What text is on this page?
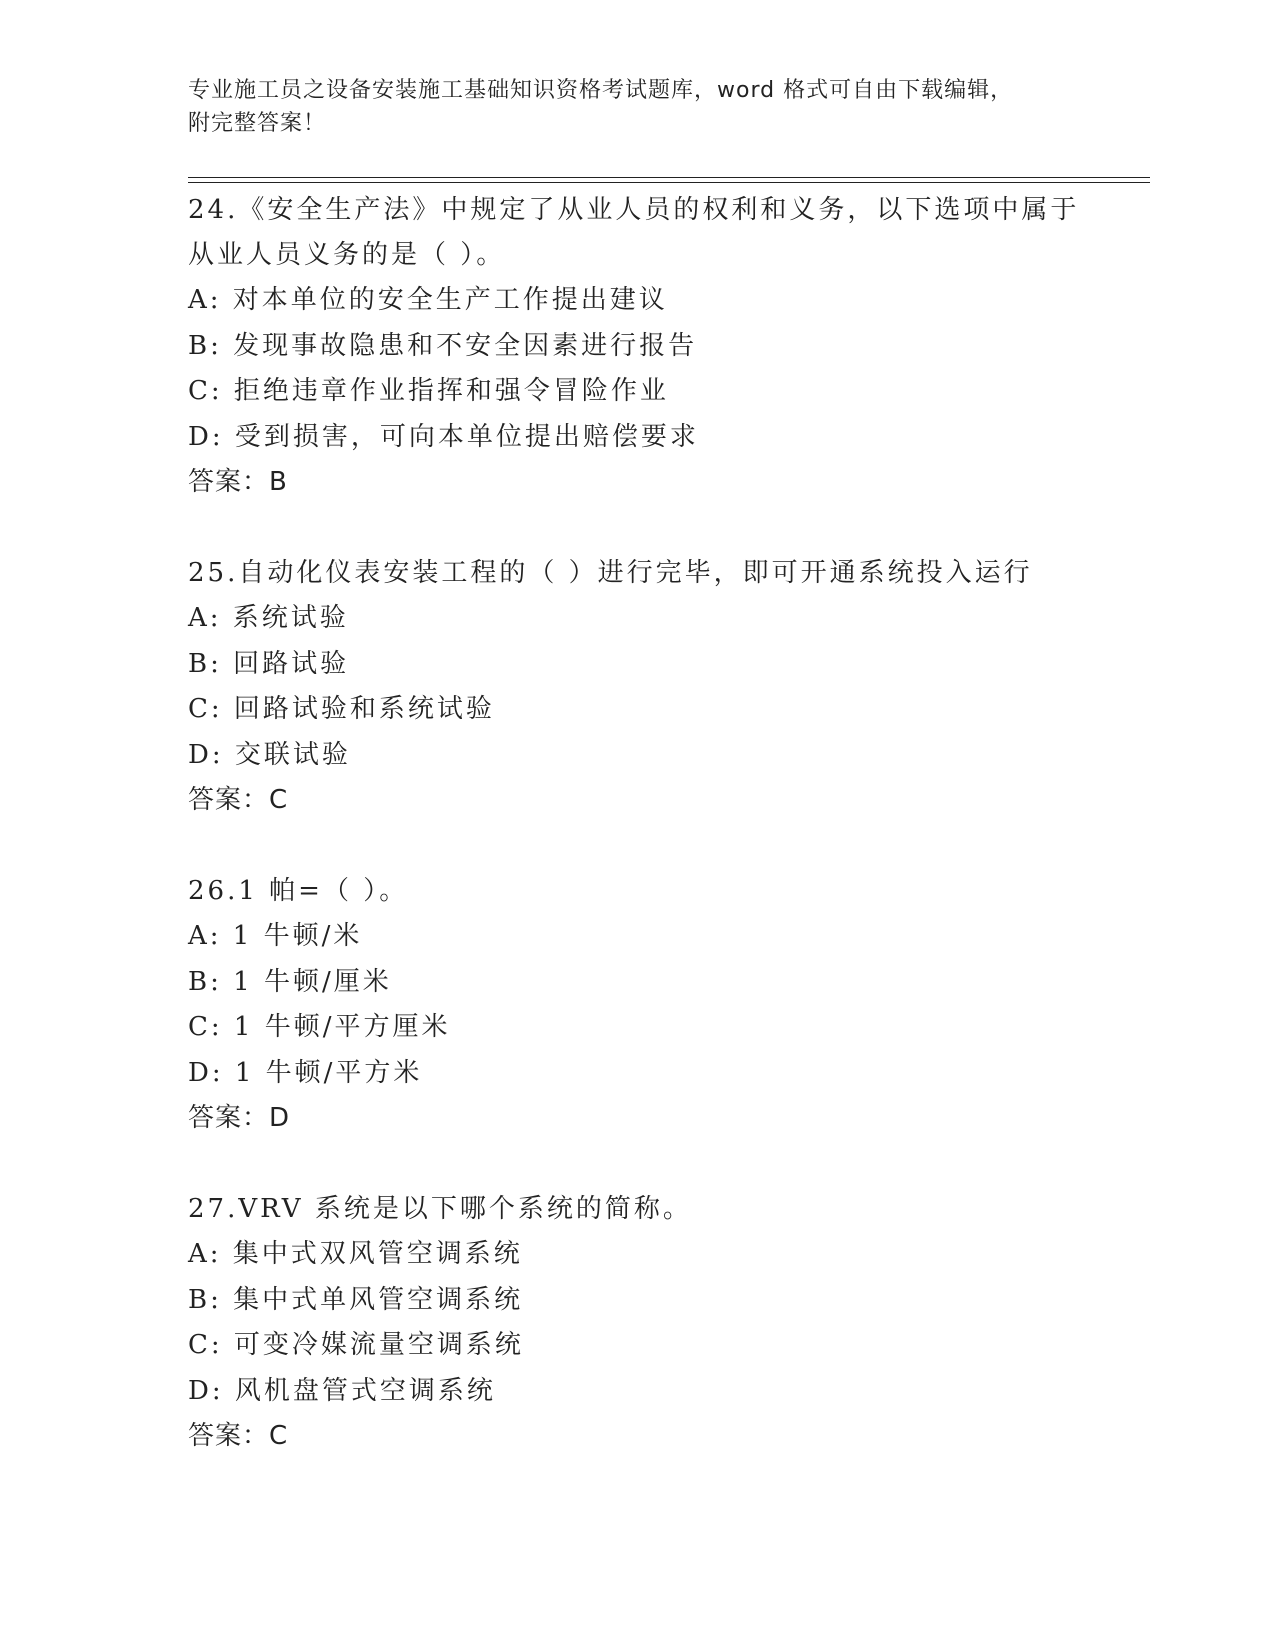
专业施工员之设备安装施工基础知识资格考试题库，word 格式可自由下载编辑，
附完整答案！

24.《安全生产法》中规定了从业人员的权利和义务，以下选项中属于

从业人员义务的是（ ）。

A: 对本单位的安全生产工作提出建议

B: 发现事故隐患和不安全因素进行报告

C: 拒绝违章作业指挥和强令冒险作业

D: 受到损害，可向本单位提出赔偿要求

答案：B

25.自动化仪表安装工程的（ ）进行完毕，即可开通系统投入运行

A: 系统试验

B: 回路试验

C: 回路试验和系统试验

D: 交联试验

答案：C

26.1 帕=（ ）。

A: 1 牛顿/米

B: 1 牛顿/厘米

C: 1 牛顿/平方厘米

D: 1 牛顿/平方米

答案：D

27.VRV 系统是以下哪个系统的简称。

A: 集中式双风管空调系统

B: 集中式单风管空调系统

C: 可变冷媒流量空调系统

D: 风机盘管式空调系统

答案：C
